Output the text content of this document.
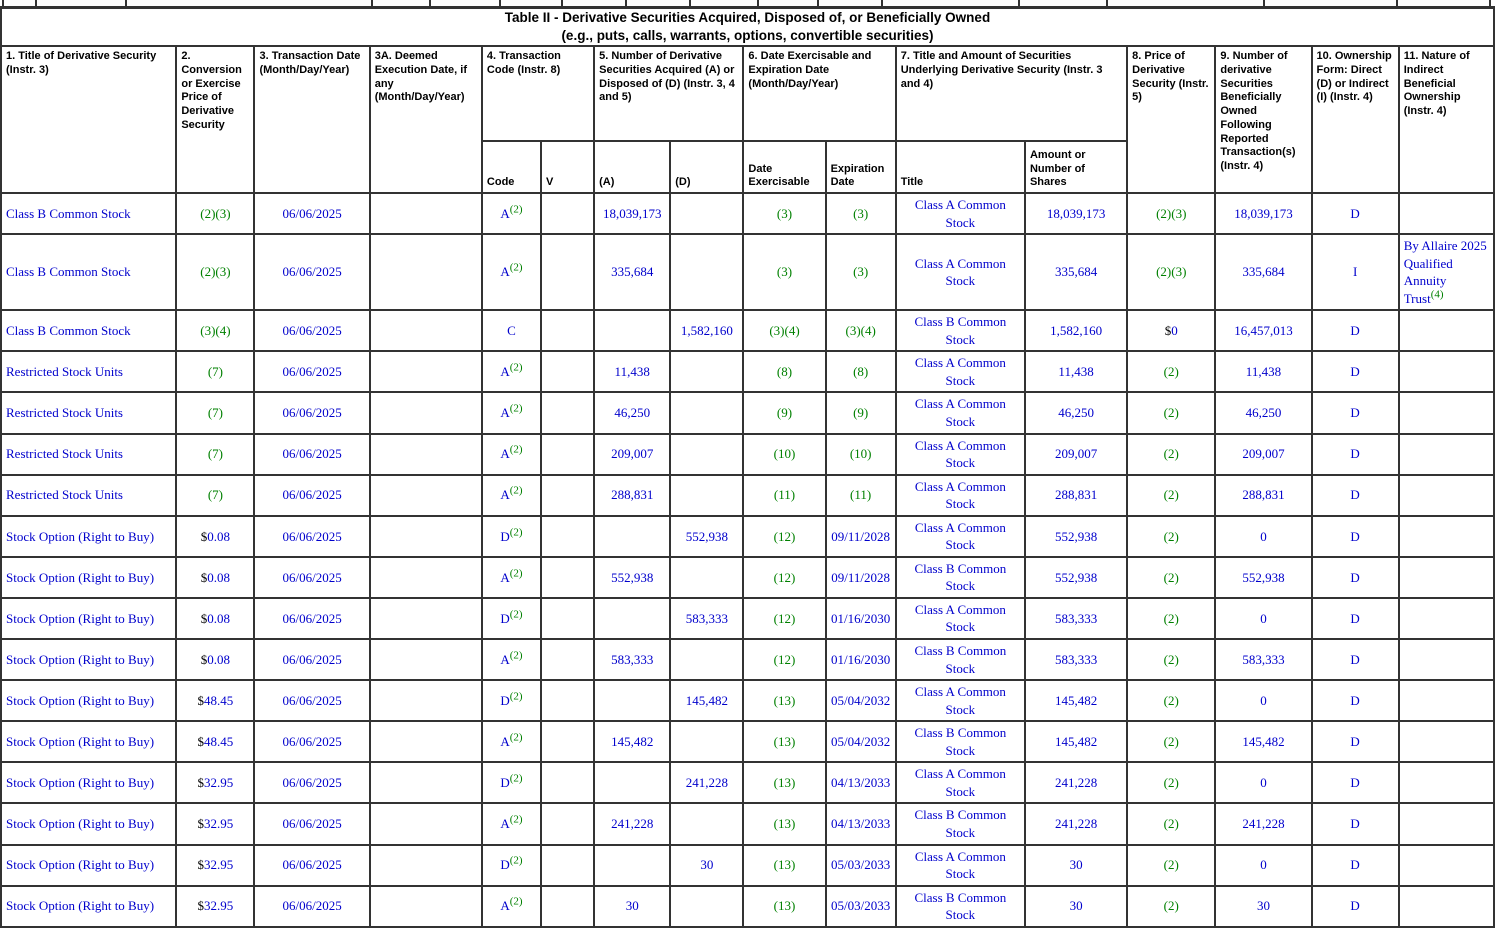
Table II - Derivative Securities Acquired, Disposed of, or Beneficially Owned
(e.g., puts, calls, warrants, options, convertible securities)
1. Title of Derivative Security (Instr. 3)	2. Conversion or Exercise Price of Derivative Security	3. Transaction Date (Month/Day/Year)	3A. Deemed Execution Date, if any (Month/Day/Year)	4. Transaction Code (Instr. 8)		5. Number of Derivative Securities Acquired (A) or Disposed of (D) (Instr. 3, 4 and 5)		6. Date Exercisable and Expiration Date (Month/Day/Year)		7. Title and Amount of Securities Underlying Derivative Security (Instr. 3 and 4)		8. Price of Derivative Security (Instr. 5)	9. Number of derivative Securities Beneficially Owned Following Reported Transaction(s) (Instr. 4)	10. Ownership Form: Direct (D) or Indirect (I) (Instr. 4)	11. Nature of Indirect Beneficial Ownership (Instr. 4)
				Code	V	(A)	(D)	Date Exercisable	Expiration Date	Title	Amount or Number of Shares				
Class B Common Stock	(2)(3)	06/06/2025		A$^{(2)}$		18,039,173		(3)	(3)	Class A Common Stock	18,039,173	(2)(3)	18,039,173	D	
Class B Common Stock	(2)(3)	06/06/2025		A$^{(2)}$		335,684		(3)	(3)	Class A Common Stock	335,684	(2)(3)	335,684	I	By Allaire 2025 Qualified Annuity Trust$^{(4)}$
Class B Common Stock	(3)(4)	06/06/2025		C			1,582,160	(3)(4)	(3)(4)	Class B Common Stock	1,582,160	$0	16,457,013	D	
Restricted Stock Units	(7)	06/06/2025		A$^{(2)}$		11,438		(8)	(8)	Class A Common Stock	11,438	(2)	11,438	D	
Restricted Stock Units	(7)	06/06/2025		A$^{(2)}$		46,250		(9)	(9)	Class A Common Stock	46,250	(2)	46,250	D	
Restricted Stock Units	(7)	06/06/2025		A$^{(2)}$		209,007		(10)	(10)	Class A Common Stock	209,007	(2)	209,007	D	
Restricted Stock Units	(7)	06/06/2025		A$^{(2)}$		288,831		(11)	(11)	Class A Common Stock	288,831	(2)	288,831	D	
Stock Option (Right to Buy)	$0.08	06/06/2025		D$^{(2)}$			552,938	(12)	09/11/2028	Class A Common Stock	552,938	(2)	0	D	
Stock Option (Right to Buy)	$0.08	06/06/2025		A$^{(2)}$		552,938		(12)	09/11/2028	Class B Common Stock	552,938	(2)	552,938	D	
Stock Option (Right to Buy)	$0.08	06/06/2025		D$^{(2)}$			583,333	(12)	01/16/2030	Class A Common Stock	583,333	(2)	0	D	
Stock Option (Right to Buy)	$0.08	06/06/2025		A$^{(2)}$		583,333		(12)	01/16/2030	Class B Common Stock	583,333	(2)	583,333	D	
Stock Option (Right to Buy)	$48.45	06/06/2025		D$^{(2)}$			145,482	(13)	05/04/2032	Class A Common Stock	145,482	(2)	0	D	
Stock Option (Right to Buy)	$48.45	06/06/2025		A$^{(2)}$		145,482		(13)	05/04/2032	Class B Common Stock	145,482	(2)	145,482	D	
Stock Option (Right to Buy)	$32.95	06/06/2025		D$^{(2)}$			241,228	(13)	04/13/2033	Class A Common Stock	241,228	(2)	0	D	
Stock Option (Right to Buy)	$32.95	06/06/2025		A$^{(2)}$		241,228		(13)	04/13/2033	Class B Common Stock	241,228	(2)	241,228	D	
Stock Option (Right to Buy)	$32.95	06/06/2025		D$^{(2)}$			30	(13)	05/03/2033	Class A Common Stock	30	(2)	0	D	
Stock Option (Right to Buy)	$32.95	06/06/2025		A$^{(2)}$		30		(13)	05/03/2033	Class B Common Stock	30	(2)	30	D	
